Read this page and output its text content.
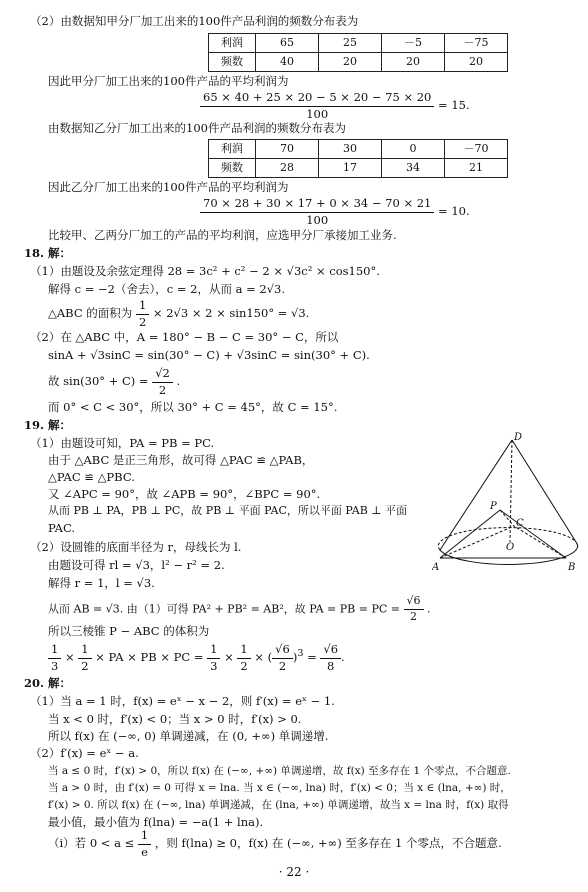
（2）由数据知甲分厂加工出来的100件产品利润的频数分布表为
利润	65	25	－5	－75
频数	40	20	20	20
因此甲分厂加工出来的100件产品的平均利润为
$\frac{65 \times 40 + 25 \times 20 - 5 \times 20 - 75 \times 20}{100} = 15$.
由数据知乙分厂加工出来的100件产品利润的频数分布表为
利润	70	30	0	－70
频数	28	17	34	21
因此乙分厂加工出来的100件产品的平均利润为
$\frac{70 \times 28 + 30 \times 17 + 0 \times 34 - 70 \times 21}{100} = 10$.
比较甲、乙两分厂加工的产品的平均利润，应选甲分厂承接加工业务.
18. 解：
（1）由题设及余弦定理得 28 = 3c² + c² − 2 × √3c² × cos150°.
解得 c = −2（舍去），c = 2，从而 a = 2√3.
△ABC 的面积为 $\frac{1}{2} \times 2√3 \times 2 \times \sin 150^\circ = √3$.
（2）在 △ABC 中，A = 180° − B − C = 30° − C，所以
sinA + √3sinC = sin(30° − C) + √3sinC = sin(30° + C).
故 $\sin(30^\circ + C) = \frac{√2}{2}$ .
而 0° < C < 30°，所以 30° + C = 45°，故 C = 15°.
19. 解：
（1）由题设可知，PA = PB = PC.
由于 △ABC 是正三角形，故可得 △PAC ≌ △PAB，
△PAC ≌ △PBC.
又 ∠APC = 90°，故 ∠APB = 90°，∠BPC = 90°.
从而 PB ⊥ PA，PB ⊥ PC，故 PB ⊥ 平面 PAC，所以平面 PAB ⊥ 平面
PAC.
（2）设圆锥的底面半径为 r，母线长为 l.
由题设可得 rl = √3，l² − r² = 2.
解得 r = 1，l = √3.
从而 AB = √3. 由（1）可得 PA² + PB² = AB²，故 PA = PB = PC = $\frac{√6}{2}$ .
所以三棱锥 P − ABC 的体积为
$\frac{1}{3} \times \frac{1}{2}$ × PA × PB × PC = $\frac{1}{3} \times \frac{1}{2}$ × ( $\frac{√6}{2} )^3 = \frac{√6}{8}$ .
D
P
O
C
A	B
20. 解：
（1）当 a = 1 时，f(x) = eˣ − x − 2，则 f′(x) = eˣ − 1.
当 x < 0 时，f′(x) < 0；当 x > 0 时，f′(x) > 0.
所以 f(x) 在 (−∞, 0) 单调递减，在 (0, +∞) 单调递增.
（2）f′(x) = eˣ − a.
当 a ≤ 0 时，f′(x) > 0，所以 f(x) 在 (−∞, +∞) 单调递增，故 f(x) 至多存在 1 个零点，不合题意.
当 a > 0 时，由 f′(x) = 0 可得 x = lna. 当 x ∈ (−∞, lna) 时，f′(x) < 0；当 x ∈ (lna, +∞) 时，
f′(x) > 0. 所以 f(x) 在 (−∞, lna) 单调递减，在 (lna, +∞) 单调递增，故当 x = lna 时，f(x) 取得
最小值，最小值为 f(lna) = −a(1 + lna).
（ⅰ）若 $0 < a \le \frac{1}{e}$ ，则 f(lna) ≥ 0，f(x) 在 (−∞, +∞) 至多存在 1 个零点，不合题意.
· 22 ·
